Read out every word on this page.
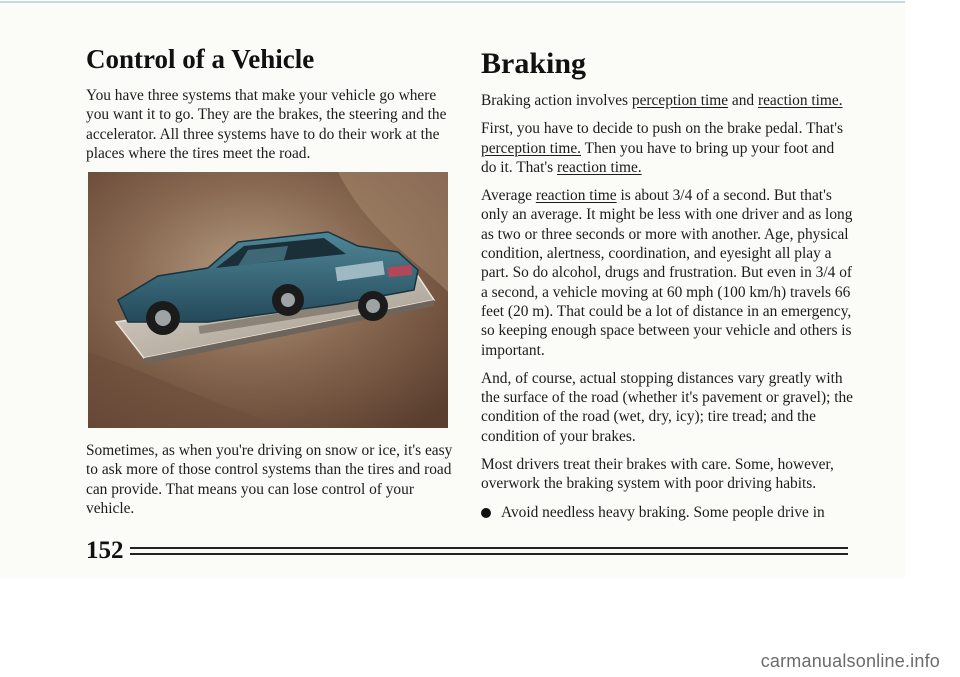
Control of a Vehicle

You have three systems that make your vehicle go where you want it to go. They are the brakes, the steering and the accelerator. All three systems have to do their work at the places where the tires meet the road.

Sometimes, as when you're driving on snow or ice, it's easy to ask more of those control systems than the tires and road can provide. That means you can lose control of your vehicle.

Braking

Braking action involves perception time and reaction time.

First, you have to decide to push on the brake pedal. That's perception time. Then you have to bring up your foot and do it. That's reaction time.

Average reaction time is about 3/4 of a second. But that's only an average. It might be less with one driver and as long as two or three seconds or more with another. Age, physical condition, alertness, coordination, and eyesight all play a part. So do alcohol, drugs and frustration. But even in 3/4 of a second, a vehicle moving at 60 mph (100 km/h) travels 66 feet (20 m). That could be a lot of distance in an emergency, so keeping enough space between your vehicle and others is important.

And, of course, actual stopping distances vary greatly with the surface of the road (whether it's pavement or gravel); the condition of the road (wet, dry, icy); tire tread; and the condition of your brakes.

Most drivers treat their brakes with care. Some, however, overwork the braking system with poor driving habits.

Avoid needless heavy braking. Some people drive in
152
carmanualsonline.info
